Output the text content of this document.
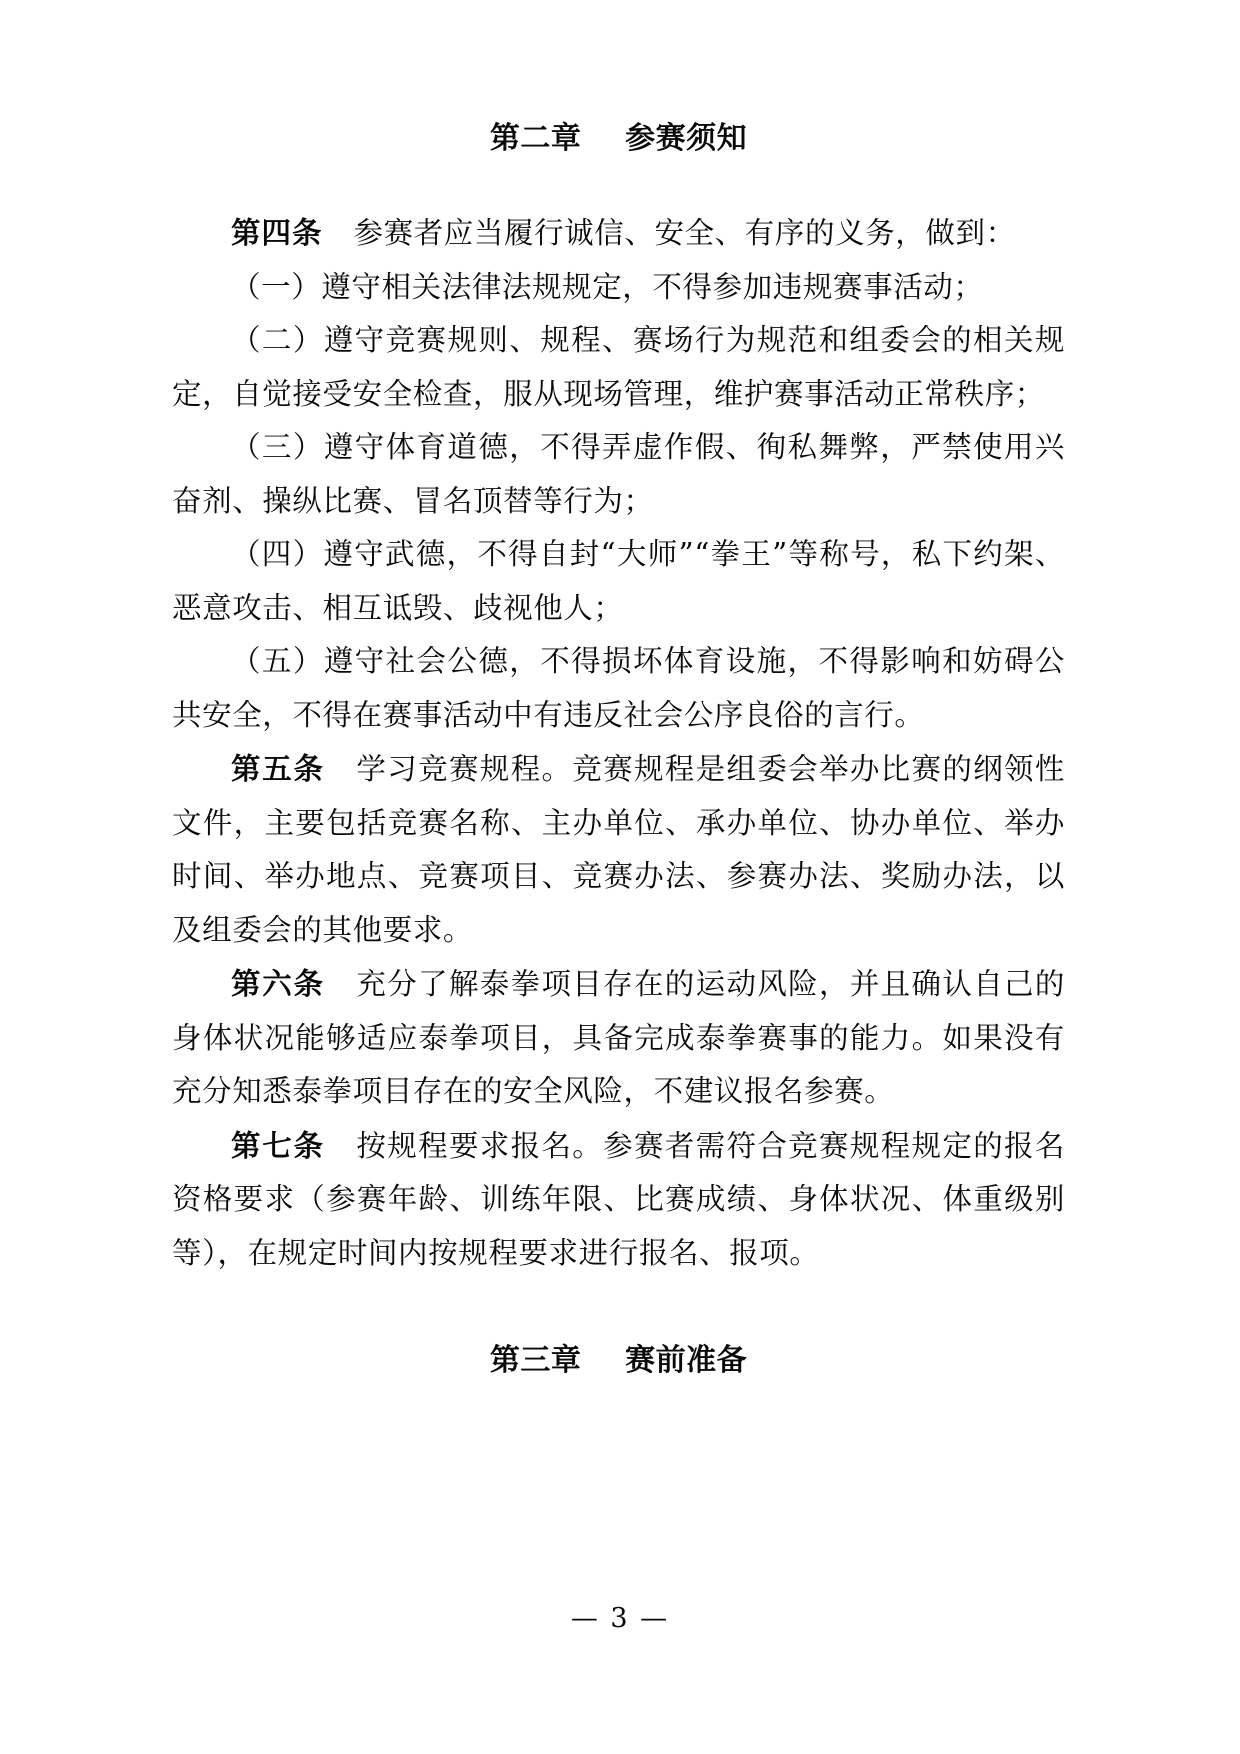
第二章    参赛须知

第四条 参赛者应当履行诚信、安全、有序的义务，做到：

（一）遵守相关法律法规规定，不得参加违规赛事活动；

（二）遵守竞赛规则、规程、赛场行为规范和组委会的相关规定，自觉接受安全检查，服从现场管理，维护赛事活动正常秩序；

（三）遵守体育道德，不得弄虚作假、徇私舞弊，严禁使用兴奋剂、操纵比赛、冒名顶替等行为；

（四）遵守武德，不得自封“大师”“拳王”等称号，私下约架、恶意攻击、相互诋毁、歧视他人；

（五）遵守社会公德，不得损坏体育设施，不得影响和妨碍公共安全，不得在赛事活动中有违反社会公序良俗的言行。

第五条 学习竞赛规程。竞赛规程是组委会举办比赛的纲领性文件，主要包括竞赛名称、主办单位、承办单位、协办单位、举办时间、举办地点、竞赛项目、竞赛办法、参赛办法、奖励办法，以及组委会的其他要求。

第六条 充分了解泰拳项目存在的运动风险，并且确认自己的身体状况能够适应泰拳项目，具备完成泰拳赛事的能力。如果没有充分知悉泰拳项目存在的安全风险，不建议报名参赛。

第七条 按规程要求报名。参赛者需符合竞赛规程规定的报名资格要求（参赛年龄、训练年限、比赛成绩、身体状况、体重级别等），在规定时间内按规程要求进行报名、报项。

第三章    赛前准备
— 3 —
